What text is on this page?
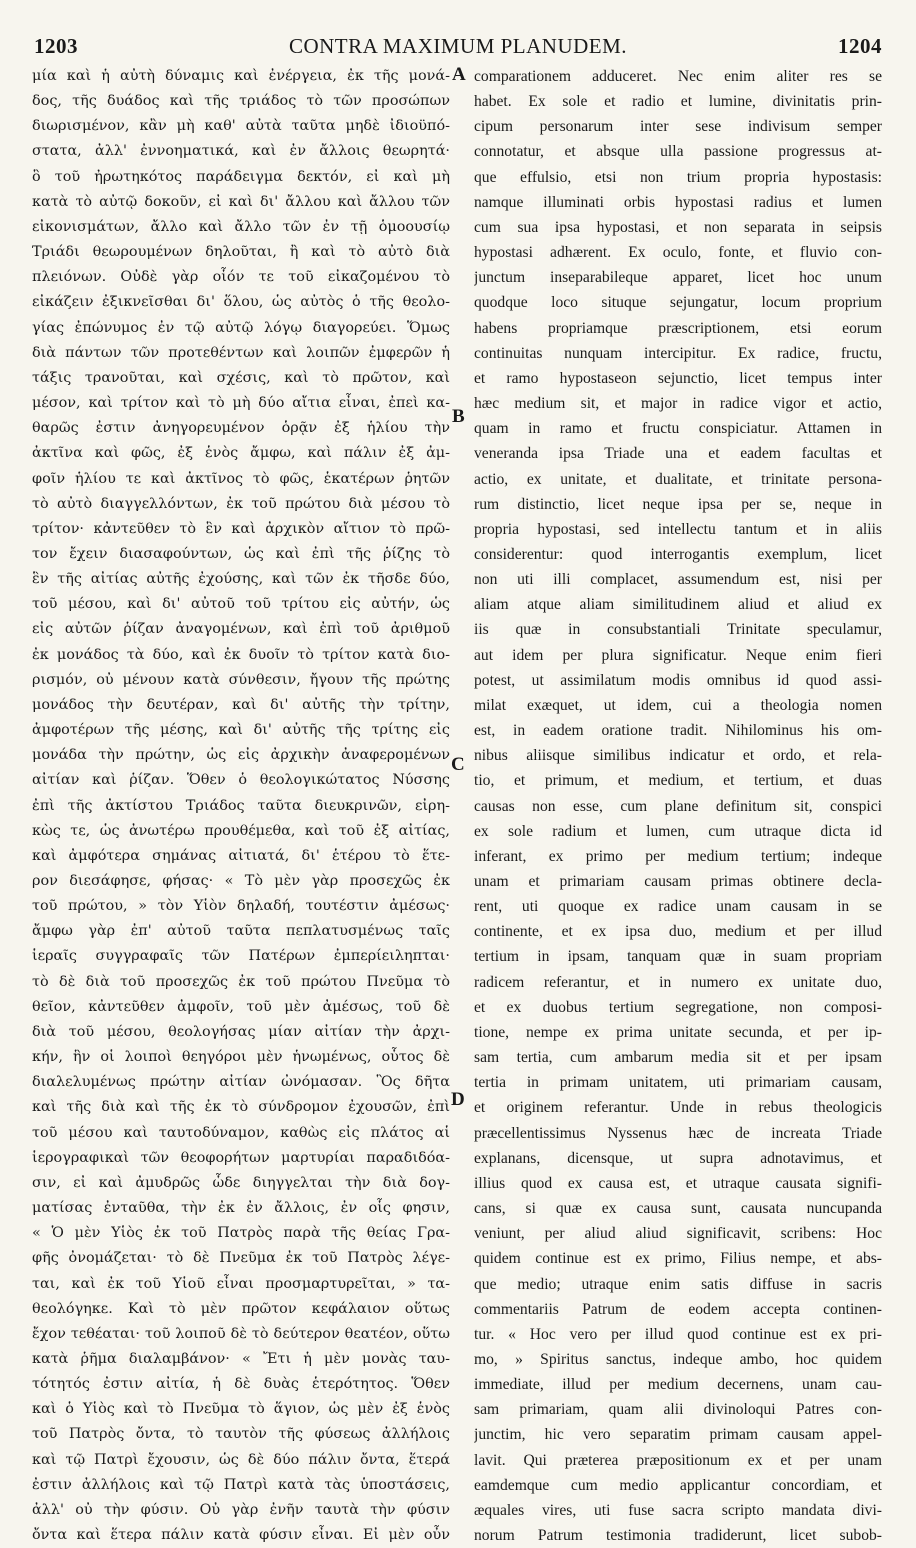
1203	CONTRA MAXIMUM PLANUDEM.	1204
μία καὶ ἡ αὐτὴ δύναμις καὶ ἐνέργεια, ἐκ τῆς μονά-
δος, τῆς δυάδος καὶ τῆς τριάδος τὸ τῶν προσώπων
διωρισμένον, κἂν μὴ καθ' αὐτὰ ταῦτα μηδὲ ἰδιοϋπό-
στατα, ἀλλ' ἐννοηματικά, καὶ ἐν ἄλλοις θεωρητά·
ὃ τοῦ ἠρωτηκότος παράδειγμα δεκτόν, εἰ καὶ μὴ
κατὰ τὸ αὐτῷ δοκοῦν, εἰ καὶ δι' ἄλλου καὶ ἄλλου τῶν
εἰκονισμάτων, ἄλλο καὶ ἄλλο τῶν ἐν τῇ ὁμοουσίῳ
Τριάδι θεωρουμένων δηλοῦται, ἢ καὶ τὸ αὐτὸ διὰ
πλειόνων. Οὐδὲ γὰρ οἷόν τε τοῦ εἰκαζομένου τὸ
εἰκάζειν ἐξικνεῖσθαι δι' ὅλου, ὡς αὐτὸς ὁ τῆς θεολο-
γίας ἐπώνυμος ἐν τῷ αὐτῷ λόγῳ διαγορεύει. Ὅμως
διὰ πάντων τῶν προτεθέντων καὶ λοιπῶν ἐμφερῶν ἡ
τάξις τρανοῦται, καὶ σχέσις, καὶ τὸ πρῶτον, καὶ
μέσον, καὶ τρίτον καὶ τὸ μὴ δύο αἴτια εἶναι, ἐπεὶ κα-
θαρῶς ἐστιν ἀνηγορευμένον ὁρᾷν ἐξ ἡλίου τὴν
ἀκτῖνα καὶ φῶς, ἐξ ἑνὸς ἄμφω, καὶ πάλιν ἐξ ἀμ-
φοῖν ἡλίου τε καὶ ἀκτῖνος τὸ φῶς, ἑκατέρων ῥητῶν
τὸ αὐτὸ διαγγελλόντων, ἐκ τοῦ πρώτου διὰ μέσου τὸ
τρίτον· κἀντεῦθεν τὸ ἓν καὶ ἀρχικὸν αἴτιον τὸ πρῶ-
τον ἔχειν διασαφούντων, ὡς καὶ ἐπὶ τῆς ῥίζης τὸ
ἓν τῆς αἰτίας αὐτῆς ἐχούσης, καὶ τῶν ἐκ τῆσδε δύο,
τοῦ μέσου, καὶ δι' αὐτοῦ τοῦ τρίτου εἰς αὐτήν, ὡς
εἰς αὐτῶν ῥίζαν ἀναγομένων, καὶ ἐπὶ τοῦ ἀριθμοῦ
ἐκ μονάδος τὰ δύο, καὶ ἐκ δυοῖν τὸ τρίτον κατὰ διο-
ρισμόν, οὐ μένουν κατὰ σύνθεσιν, ἤγουν τῆς πρώτης
μονάδος τὴν δευτέραν, καὶ δι' αὐτῆς τὴν τρίτην,
ἀμφοτέρων τῆς μέσης, καὶ δι' αὐτῆς τῆς τρίτης εἰς
μονάδα τὴν πρώτην, ὡς εἰς ἀρχικὴν ἀναφερομένων
αἰτίαν καὶ ῥίζαν. Ὅθεν ὁ θεολογικώτατος Νύσσης
ἐπὶ τῆς ἀκτίστου Τριάδος ταῦτα διευκρινῶν, εἰρη-
κὼς τε, ὡς ἀνωτέρω προυθέμεθα, καὶ τοῦ ἐξ αἰτίας,
καὶ ἀμφότερα σημάνας αἰτιατά, δι' ἑτέρου τὸ ἕτε-
ρον διεσάφησε, φήσας· « Τὸ μὲν γὰρ προσεχῶς ἐκ
τοῦ πρώτου, » τὸν Υἱὸν δηλαδή, τουτέστιν ἀμέσως·
ἄμφω γὰρ ἐπ' αὐτοῦ ταῦτα πεπλατυσμένως ταῖς
ἱεραῖς συγγραφαῖς τῶν Πατέρων ἐμπερίειληπται·
τὸ δὲ διὰ τοῦ προσεχῶς ἐκ τοῦ πρώτου Πνεῦμα τὸ
θεῖον, κἀντεῦθεν ἀμφοῖν, τοῦ μὲν ἀμέσως, τοῦ δὲ
διὰ τοῦ μέσου, θεολογήσας μίαν αἰτίαν τὴν ἀρχι-
κήν, ἣν οἱ λοιποὶ θεηγόροι μὲν ἡνωμένως, οὗτος δὲ
διαλελυμένως πρώτην αἰτίαν ὠνόμασαν. Ὃς δῆτα
καὶ τῆς διὰ καὶ τῆς ἐκ τὸ σύνδρομον ἐχουσῶν, ἐπὶ
τοῦ μέσου καὶ ταυτοδύναμον, καθὼς εἰς πλάτος αἱ
ἱερογραφικαὶ τῶν θεοφορήτων μαρτυρίαι παραδιδόα-
σιν, εἰ καὶ ἀμυδρῶς ὧδε διηγγελται τὴν διὰ δογ-
ματίσας ἐνταῦθα, τὴν ἐκ ἐν ἄλλοις, ἐν οἷς φησιν,
« Ὁ μὲν Υἱὸς ἐκ τοῦ Πατρὸς παρὰ τῆς θείας Γρα-
φῆς ὀνομάζεται· τὸ δὲ Πνεῦμα ἐκ τοῦ Πατρὸς λέγε-
ται, καὶ ἐκ τοῦ Υἱοῦ εἶναι προσμαρτυρεῖται, » τα-
θεολόγηκε. Καὶ τὸ μὲν πρῶτον κεφάλαιον οὕτως
ἔχον τεθέαται· τοῦ λοιποῦ δὲ τὸ δεύτερον θεατέον, οὕτω
κατὰ ῥῆμα διαλαμβάνον· « Ἔτι ἡ μὲν μονὰς ταυ-
τότητός ἐστιν αἰτία, ἡ δὲ δυὰς ἑτερότητος. Ὅθεν
καὶ ὁ Υἱὸς καὶ τὸ Πνεῦμα τὸ ἅγιον, ὡς μὲν ἐξ ἑνὸς
τοῦ Πατρὸς ὄντα, τὸ ταυτὸν τῆς φύσεως ἀλλήλοις
καὶ τῷ Πατρὶ ἔχουσιν, ὡς δὲ δύο πάλιν ὄντα, ἕτερά
ἐστιν ἀλλήλοις καὶ τῷ Πατρὶ κατὰ τὰς ὑποστάσεις,
ἀλλ' οὐ τὴν φύσιν. Οὐ γὰρ ἐνῆν ταυτὰ τὴν φύσιν
ὄντα καὶ ἕτερα πάλιν κατὰ φύσιν εἶναι. Εἰ μὲν οὖν
comparationem adduceret. Nec enim aliter res se
habet. Ex sole et radio et lumine, divinitatis prin-
cipum personarum inter sese indivisum semper
connotatur, et absque ulla passione progressus at-
que effulsio, etsi non trium propria hypostasis:
namque illuminati orbis hypostasi radius et lumen
cum sua ipsa hypostasi, et non separata in seipsis
hypostasi adhærent. Ex oculo, fonte, et fluvio con-
junctum inseparabileque apparet, licet hoc unum
quodque loco situque sejungatur, locum proprium
habens propriamque præscriptionem, etsi eorum
continuitas nunquam intercipitur. Ex radice, fructu,
et ramo hypostaseon sejunctio, licet tempus inter
hæc medium sit, et major in radice vigor et actio,
quam in ramo et fructu conspiciatur. Attamen in
veneranda ipsa Triade una et eadem facultas et
actio, ex unitate, et dualitate, et trinitate persona-
rum distinctio, licet neque ipsa per se, neque in
propria hypostasi, sed intellectu tantum et in aliis
considerentur: quod interrogantis exemplum, licet
non uti illi complacet, assumendum est, nisi per
aliam atque aliam similitudinem aliud et aliud ex
iis quæ in consubstantiali Trinitate speculamur,
aut idem per plura significatur. Neque enim fieri
potest, ut assimilatum modis omnibus id quod assi-
milat exæquet, ut idem, cui a theologia nomen
est, in eadem oratione tradit. Nihilominus his om-
nibus aliisque similibus indicatur et ordo, et rela-
tio, et primum, et medium, et tertium, et duas
causas non esse, cum plane definitum sit, conspici
ex sole radium et lumen, cum utraque dicta id
inferant, ex primo per medium tertium; indeque
unam et primariam causam primas obtinere decla-
rent, uti quoque ex radice unam causam in se
continente, et ex ipsa duo, medium et per illud
tertium in ipsam, tanquam quæ in suam propriam
radicem referantur, et in numero ex unitate duo,
et ex duobus tertium segregatione, non composi-
tione, nempe ex prima unitate secunda, et per ip-
sam tertia, cum ambarum media sit et per ipsam
tertia in primam unitatem, uti primariam causam,
et originem referantur. Unde in rebus theologicis
præcellentissimus Nyssenus hæc de increata Triade
explanans, dicensque, ut supra adnotavimus, et
illius quod ex causa est, et utraque causata signifi-
cans, si quæ ex causa sunt, causata nuncupanda
veniunt, per aliud aliud significavit, scribens: Hoc
quidem continue est ex primo, Filius nempe, et abs-
que medio; utraque enim satis diffuse in sacris
commentariis Patrum de eodem accepta continen-
tur. « Hoc vero per illud quod continue est ex pri-
mo, » Spiritus sanctus, indeque ambo, hoc quidem
immediate, illud per medium decernens, unam cau-
sam primariam, quam alii divinoloqui Patres con-
junctim, hic vero separatim primam causam appel-
lavit. Qui præterea præpositionum ex et per unam
eamdemque cum medio applicantur concordiam, et
æquales vires, uti fuse sacra scripto mandata divi-
norum Patrum testimonia tradiderunt, licet subob-
A
B
C
D
